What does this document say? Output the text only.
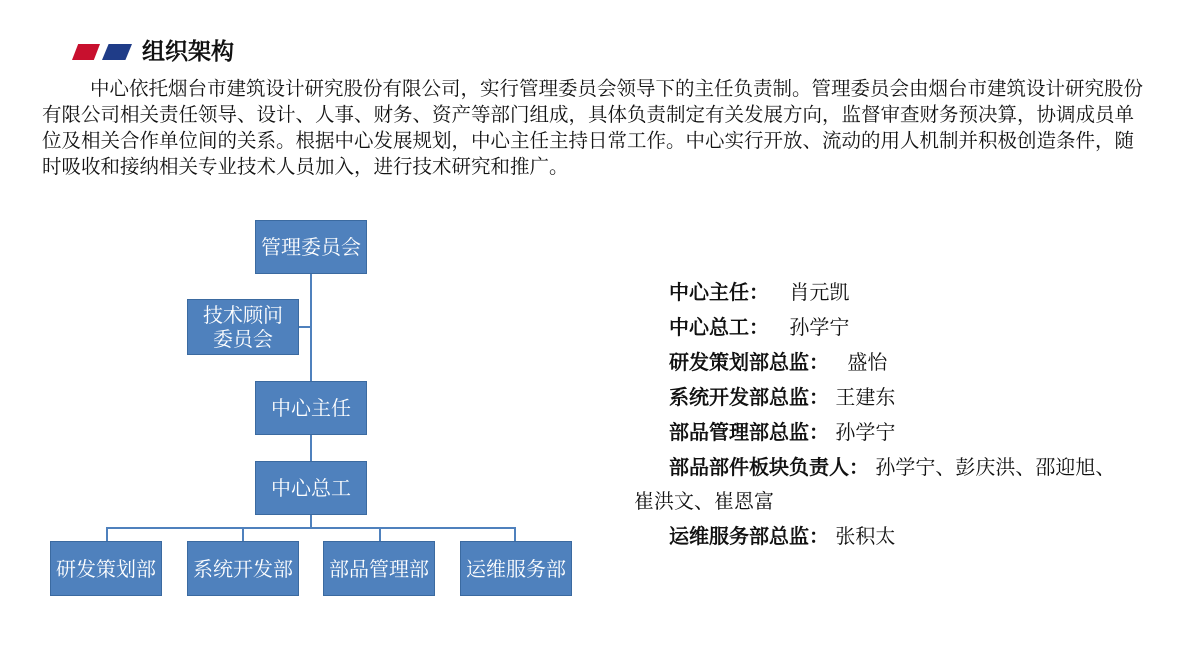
组织架构

中心依托烟台市建筑设计研究股份有限公司，实行管理委员会领导下的主任负责制。管理委员会由烟台市建筑设计研究股份有限公司相关责任领导、设计、人事、财务、资产等部门组成，具体负责制定有关发展方向，监督审查财务预决算，协调成员单位及相关合作单位间的关系。根据中心发展规划，中心主任主持日常工作。中心实行开放、流动的用人机制并积极创造条件，随时吸收和接纳相关专业技术人员加入，进行技术研究和推广。

管理委员会
技术顾问委员会
中心主任
中心总工
研发策划部	系统开发部	部品管理部	运维服务部
中心主任： 肖元凯
中心总工： 孙学宁
研发策划部总监： 盛怡
系统开发部总监： 王建东
部品管理部总监： 孙学宁
部品部件板块负责人： 孙学宁、彭庆洪、邵迎旭、
崔洪文、崔恩富
运维服务部总监： 张积太
